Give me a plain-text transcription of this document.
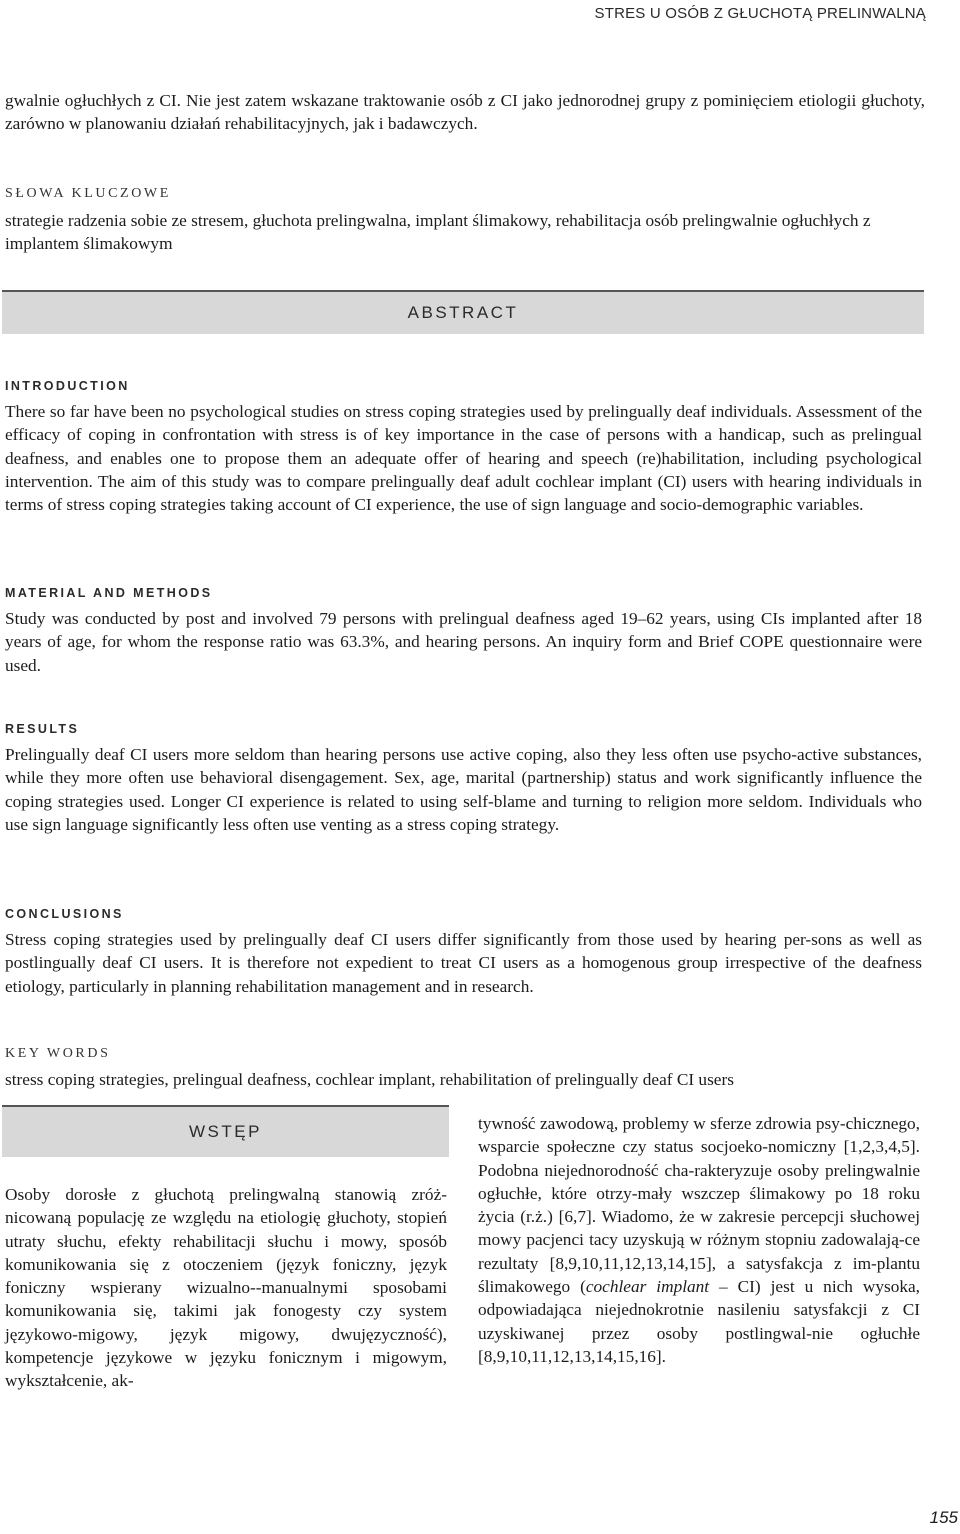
STRES U OSÓB Z GŁUCHOTĄ PRELINWALNĄ

gwalnie ogłuchłych z CI. Nie jest zatem wskazane traktowanie osób z CI jako jednorodnej grupy z pominięciem etiologii głuchoty, zarówno w planowaniu działań rehabilitacyjnych, jak i badawczych.

SŁOWA KLUCZOWE

strategie radzenia sobie ze stresem, głuchota prelingwalna, implant ślimakowy, rehabilitacja osób prelingwalnie ogłuchłych z implantem ślimakowym

ABSTRACT
INTRODUCTION

There so far have been no psychological studies on stress coping strategies used by prelingually deaf individuals. Assessment of the efficacy of coping in confrontation with stress is of key importance in the case of persons with a handicap, such as prelingual deafness, and enables one to propose them an adequate offer of hearing and speech (re)habilitation, including psychological intervention. The aim of this study was to compare prelingually deaf adult cochlear implant (CI) users with hearing individuals in terms of stress coping strategies taking account of CI experience, the use of sign language and socio-demographic variables.

MATERIAL AND METHODS

Study was conducted by post and involved 79 persons with prelingual deafness aged 19–62 years, using CIs implanted after 18 years of age, for whom the response ratio was 63.3%, and hearing persons. An inquiry form and Brief COPE questionnaire were used.

RESULTS

Prelingually deaf CI users more seldom than hearing persons use active coping, also they less often use psycho-active substances, while they more often use behavioral disengagement. Sex, age, marital (partnership) status and work significantly influence the coping strategies used. Longer CI experience is related to using self-blame and turning to religion more seldom. Individuals who use sign language significantly less often use venting as a stress coping strategy.

CONCLUSIONS

Stress coping strategies used by prelingually deaf CI users differ significantly from those used by hearing per-sons as well as postlingually deaf CI users. It is therefore not expedient to treat CI users as a homogenous group irrespective of the deafness etiology, particularly in planning rehabilitation management and in research.

KEY WORDS

stress coping strategies, prelingual deafness, cochlear implant, rehabilitation of prelingually deaf CI users

WSTĘP

Osoby dorosłe z głuchotą prelingwalną stanowią zróż-nicowaną populację ze względu na etiologię głuchoty, stopień utraty słuchu, efekty rehabilitacji słuchu i mowy, sposób komunikowania się z otoczeniem (język foniczny, język foniczny wspierany wizualno--manualnymi sposobami komunikowania się, takimi jak fonogesty czy system językowo-migowy, język migowy, dwujęzyczność), kompetencje językowe w języku fonicznym i migowym, wykształcenie, ak-

tywność zawodową, problemy w sferze zdrowia psy-chicznego, wsparcie społeczne czy status socjoeko-nomiczny [1,2,3,4,5]. Podobna niejednorodność cha-rakteryzuje osoby prelingwalnie ogłuchłe, które otrzy-mały wszczep ślimakowy po 18 roku życia (r.ż.) [6,7]. Wiadomo, że w zakresie percepcji słuchowej mowy pacjenci tacy uzyskują w różnym stopniu zadowalają-ce rezultaty [8,9,10,11,12,13,14,15], a satysfakcja z im-plantu ślimakowego (cochlear implant – CI) jest u nich wysoka, odpowiadająca niejednokrotnie nasileniu satysfakcji z CI uzyskiwanej przez osoby postlingwal-nie ogłuchłe [8,9,10,11,12,13,14,15,16].

155
